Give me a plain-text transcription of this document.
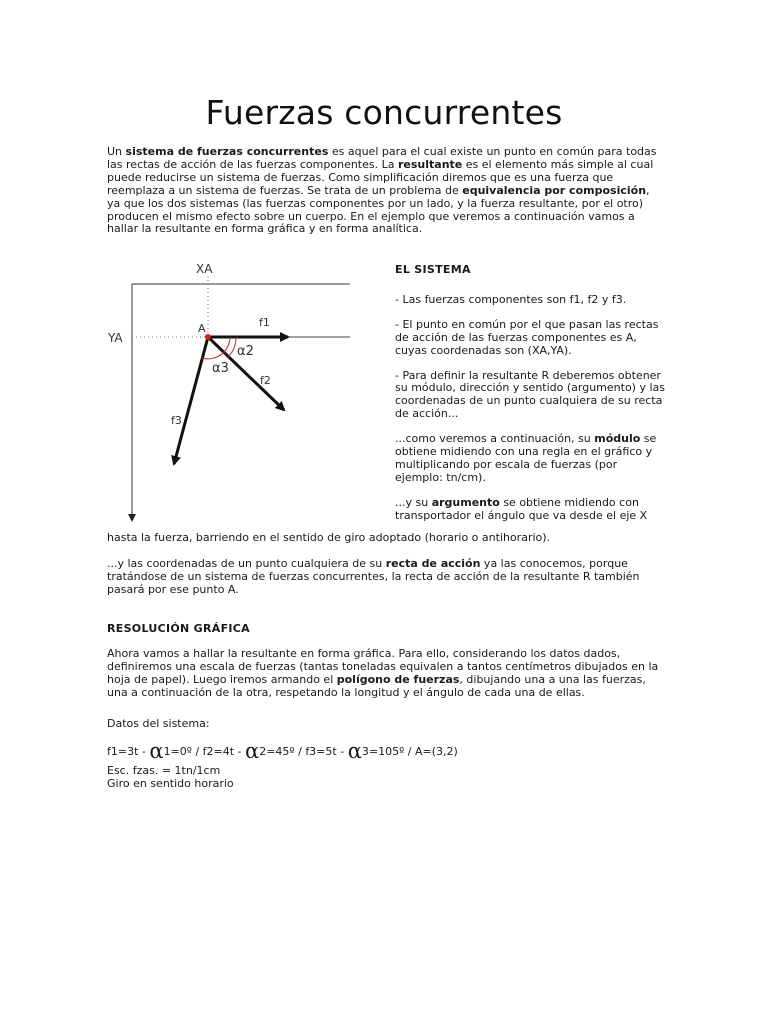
Fuerzas concurrentes

Un sistema de fuerzas concurrentes es aquel para el cual existe un punto en común para todas las rectas de acción de las fuerzas componentes. La resultante es el elemento más simple al cual puede reducirse un sistema de fuerzas. Como simplificación diremos que es una fuerza que reemplaza a un sistema de fuerzas. Se trata de un problema de equivalencia por composición, ya que los dos sistemas (las fuerzas componentes por un lado, y la fuerza resultante, por el otro) producen el mismo efecto sobre un cuerpo. En el ejemplo que veremos a continuación vamos a hallar la resultante en forma gráfica y en forma analítica.

XA
YA
A	f1
f2
f3
α2
α3

EL SISTEMA

- Las fuerzas componentes son f1, f2 y f3.

- El punto en común por el que pasan las rectas de acción de las fuerzas componentes es A, cuyas coordenadas son (XA,YA).

- Para definir la resultante R deberemos obtener su módulo, dirección y sentido (argumento) y las coordenadas de un punto cualquiera de su recta de acción...

...como veremos a continuación, su módulo se obtiene midiendo con una regla en el gráfico y multiplicando por escala de fuerzas (por ejemplo: tn/cm).

...y su argumento se obtiene midiendo con transportador el ángulo que va desde el eje X

hasta la fuerza, barriendo en el sentido de giro adoptado (horario o antihorario).

...y las coordenadas de un punto cualquiera de su recta de acción ya las conocemos, porque tratándose de un sistema de fuerzas concurrentes, la recta de acción de la resultante R también pasará por ese punto A.

RESOLUCIÓN GRÁFICA

Ahora vamos a hallar la resultante en forma gráfica. Para ello, considerando los datos dados, definiremos una escala de fuerzas (tantas toneladas equivalen a tantos centímetros dibujados en la hoja de papel). Luego iremos armando el polígono de fuerzas, dibujando una a una las fuerzas, una a continuación de la otra, respetando la longitud y el ángulo de cada una de ellas.

Datos del sistema:

f1=3t - α1=0º / f2=4t - α2=45º / f3=5t - α3=105º / A=(3,2)

Esc. fzas. = 1tn/1cm

Giro en sentido horario
